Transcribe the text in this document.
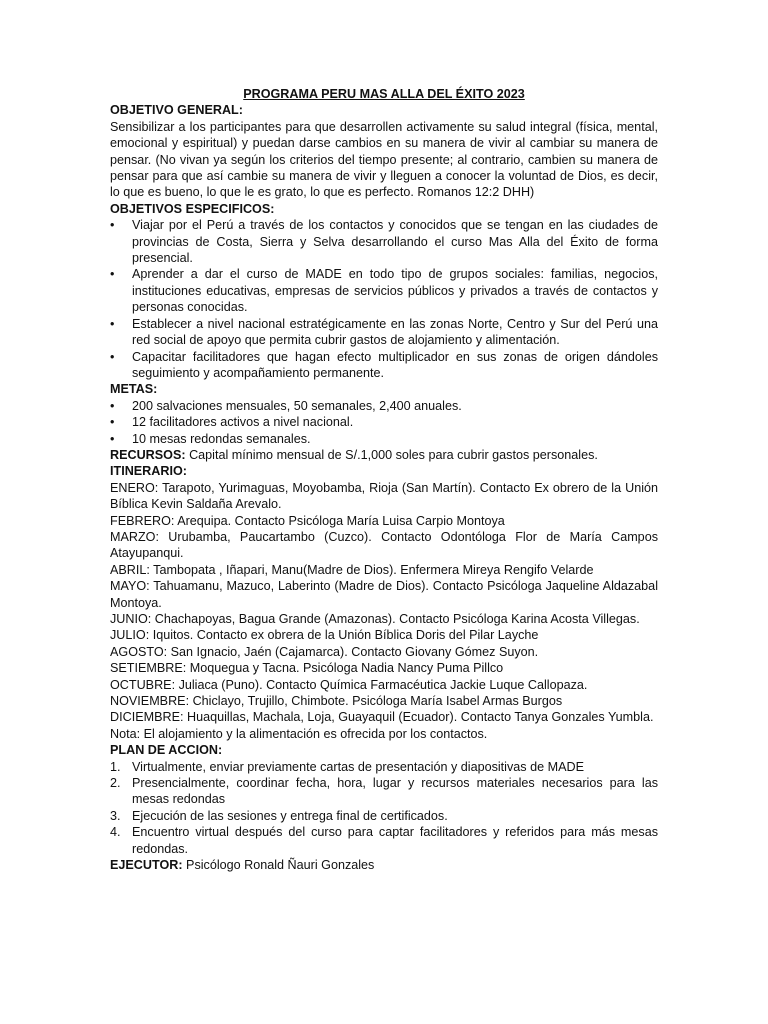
PROGRAMA PERU MAS ALLA DEL ÉXITO 2023

OBJETIVO GENERAL:

Sensibilizar a los participantes para que desarrollen activamente su salud integral (física, mental, emocional y espiritual) y puedan darse cambios en su manera de vivir al cambiar su manera de pensar. (No vivan ya según los criterios del tiempo presente; al contrario, cambien su manera de pensar para que así cambie su manera de vivir y lleguen a conocer la voluntad de Dios, es decir, lo que es bueno, lo que le es grato, lo que es perfecto. Romanos 12:2 DHH)

OBJETIVOS ESPECIFICOS:

•	Viajar por el Perú a través de los contactos y conocidos que se tengan en las ciudades de provincias de Costa, Sierra y Selva desarrollando el curso Mas Alla del Éxito de forma presencial.
•	Aprender a dar el curso de MADE en todo tipo de grupos sociales: familias, negocios, instituciones educativas, empresas de servicios públicos y privados a través de contactos y personas conocidas.
•	Establecer a nivel nacional estratégicamente en las zonas Norte, Centro y Sur del Perú una red social de apoyo que permita cubrir gastos de alojamiento y alimentación.
•	Capacitar facilitadores que hagan efecto multiplicador en sus zonas de origen dándoles seguimiento y acompañamiento permanente.

METAS:

•	200 salvaciones mensuales, 50 semanales, 2,400 anuales.
•	12 facilitadores activos a nivel nacional.
•	10 mesas redondas semanales.

RECURSOS: Capital mínimo mensual de S/.1,000 soles para cubrir gastos personales.

ITINERARIO:

ENERO: Tarapoto, Yurimaguas, Moyobamba, Rioja (San Martín). Contacto Ex obrero de la Unión Bíblica Kevin Saldaña Arevalo.

FEBRERO: Arequipa. Contacto Psicóloga María Luisa Carpio Montoya

MARZO: Urubamba, Paucartambo (Cuzco). Contacto Odontóloga Flor de María Campos Atayupanqui.

ABRIL: Tambopata , Iñapari, Manu(Madre de Dios). Enfermera Mireya Rengifo Velarde

MAYO: Tahuamanu, Mazuco, Laberinto (Madre de Dios). Contacto Psicóloga Jaqueline Aldazabal Montoya.

JUNIO: Chachapoyas, Bagua Grande (Amazonas). Contacto Psicóloga Karina Acosta Villegas.

JULIO: Iquitos. Contacto ex obrera de la Unión Bíblica Doris del Pilar Layche

AGOSTO: San Ignacio, Jaén (Cajamarca). Contacto Giovany Gómez Suyon.

SETIEMBRE: Moquegua y Tacna. Psicóloga Nadia Nancy Puma Pillco

OCTUBRE: Juliaca (Puno). Contacto Química Farmacéutica Jackie Luque Callopaza.

NOVIEMBRE: Chiclayo, Trujillo, Chimbote. Psicóloga María Isabel Armas Burgos

DICIEMBRE: Huaquillas, Machala, Loja, Guayaquil (Ecuador). Contacto Tanya Gonzales Yumbla.

Nota: El alojamiento y la alimentación es ofrecida por los contactos.

PLAN DE ACCION:

1. Virtualmente, enviar previamente cartas de presentación y diapositivas de MADE
2. Presencialmente, coordinar fecha, hora, lugar y recursos materiales necesarios para las mesas redondas
3. Ejecución de las sesiones y entrega final de certificados.
4. Encuentro virtual después del curso para captar facilitadores y referidos para más mesas redondas.

EJECUTOR: Psicólogo Ronald Ñauri Gonzales
